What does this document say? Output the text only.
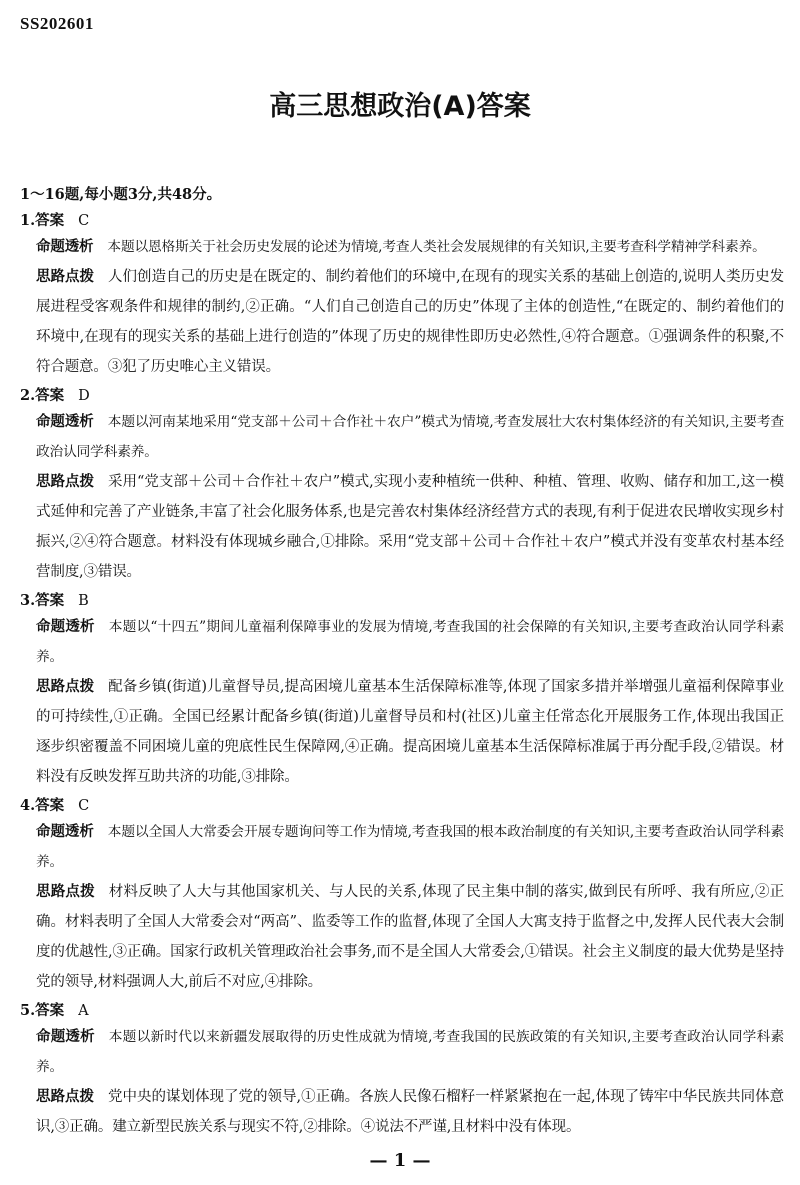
SS202601
高三思想政治(A)答案
1～16题,每小题3分,共48分。
1.答案 C
命题透析 本题以恩格斯关于社会历史发展的论述为情境,考查人类社会发展规律的有关知识,主要考查科学精神学科素养。
思路点拨 人们创造自己的历史是在既定的、制约着他们的环境中,在现有的现实关系的基础上创造的,说明人类历史发展进程受客观条件和规律的制约,②正确。“人们自己创造自己的历史”体现了主体的创造性,“在既定的、制约着他们的环境中,在现有的现实关系的基础上进行创造的”体现了历史的规律性即历史必然性,④符合题意。①强调条件的积聚,不符合题意。③犯了历史唯心主义错误。
2.答案 D
命题透析 本题以河南某地采用“党支部＋公司＋合作社＋农户”模式为情境,考查发展壮大农村集体经济的有关知识,主要考查政治认同学科素养。
思路点拨 采用“党支部＋公司＋合作社＋农户”模式,实现小麦种植统一供种、种植、管理、收购、储存和加工,这一模式延伸和完善了产业链条,丰富了社会化服务体系,也是完善农村集体经济经营方式的表现,有利于促进农民增收实现乡村振兴,②④符合题意。材料没有体现城乡融合,①排除。采用“党支部＋公司＋合作社＋农户”模式并没有变革农村基本经营制度,③错误。
3.答案 B
命题透析 本题以“十四五”期间儿童福利保障事业的发展为情境,考查我国的社会保障的有关知识,主要考查政治认同学科素养。
思路点拨 配备乡镇(街道)儿童督导员,提高困境儿童基本生活保障标准等,体现了国家多措并举增强儿童福利保障事业的可持续性,①正确。全国已经累计配备乡镇(街道)儿童督导员和村(社区)儿童主任常态化开展服务工作,体现出我国正逐步织密覆盖不同困境儿童的兜底性民生保障网,④正确。提高困境儿童基本生活保障标准属于再分配手段,②错误。材料没有反映发挥互助共济的功能,③排除。
4.答案 C
命题透析 本题以全国人大常委会开展专题询问等工作为情境,考查我国的根本政治制度的有关知识,主要考查政治认同学科素养。
思路点拨 材料反映了人大与其他国家机关、与人民的关系,体现了民主集中制的落实,做到民有所呼、我有所应,②正确。材料表明了全国人大常委会对“两高”、监委等工作的监督,体现了全国人大寓支持于监督之中,发挥人民代表大会制度的优越性,③正确。国家行政机关管理政治社会事务,而不是全国人大常委会,①错误。社会主义制度的最大优势是坚持党的领导,材料强调人大,前后不对应,④排除。
5.答案 A
命题透析 本题以新时代以来新疆发展取得的历史性成就为情境,考查我国的民族政策的有关知识,主要考查政治认同学科素养。
思路点拨 党中央的谋划体现了党的领导,①正确。各族人民像石榴籽一样紧紧抱在一起,体现了铸牢中华民族共同体意识,③正确。建立新型民族关系与现实不符,②排除。④说法不严谨,且材料中没有体现。
— 1 —
